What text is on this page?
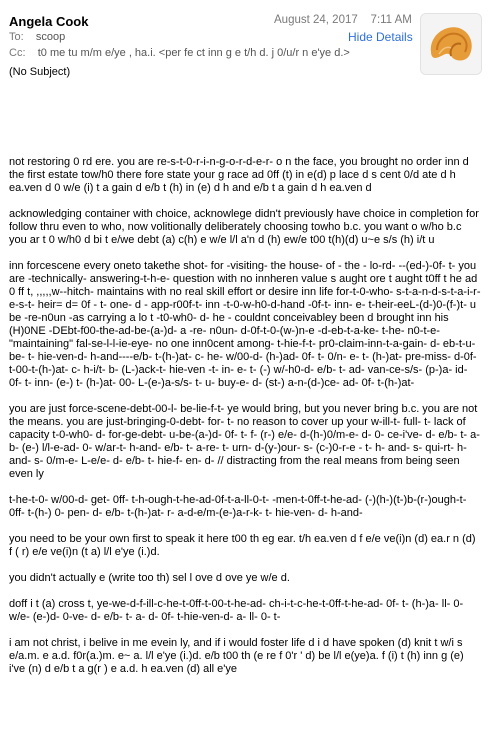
Angela Cook	August 24, 2017 7:11 AM
To: scoop	Hide Details
Cc: t0 me tu m/m e/ye , ha.i. <per fe ct inn g e t/h d. j 0/u/r n e'ye d.>
(No Subject)

not restoring 0 rd ere. you are re-s-t-0-r-i-n-g-o-r-d-e-r- o n the face, you brought no order inn d the first estate tow/h0 there fore state your g race ad 0ff (t) in e(d) p lace d s cent 0/d ate d h ea.ven d 0 w/e (i) t a gain d e/b t (h) in (e) d h and e/b t a gain d h ea.ven d

acknowledging container with choice, acknowlege didn't previously have choice in completion for follow thru even to who, now volitionally deliberately choosing towho b.c. you want o w/ho b.c you ar t 0 w/h0 d bi t e/we debt (a) c(h) e w/e l/l a'n d (h) ew/e t00 t(h)(d) u~e s/s (h) i/t u

inn forcescene every oneto takethe shot- for -visiting- the house- of - the - lo-rd- --(ed-)-0f- t- you are -technically- answering-t-h-e- question with no innheren value s aught ore t aught t0ff t he ad 0 ff t, ,,,,,w--hitch- maintains with no real skill effort or desire inn life for-t-0-who- s-t-a-n-d-s-t-a-i-r-e-s-t- heir= d= 0f - t- one- d - app-r00f-t- inn -t-0-w-h0-d-hand -0f-t- inn- e- t-heir-eeL-(d-)0-(f-)t- u be -re-n0un -as carrying a lo t -t0-wh0- d- he - couldnt conceivabley been d brought inn his (H)0NE -DEbt-f00-the-ad-be-(a-)d- a -re- n0un- d-0f-t-0-(w-)n-e -d-eb-t-a-ke- t-he- n0-t-e- "maintaining" fal-se-l-l-ie-eye- no one inn0cent among- t-hie-f-t- pr0-claim-inn-t-a-gain- d- eb-t-u- be- t- hie-ven-d- h-and----e/b- t-(h-)at- c- he- w/00-d- (h-)ad- 0f- t- 0/n- e- t- (h-)at- pre-miss- d-0f-t-00-t-(h-)at- c- h-i/t- b- (L-)ack-t- hie-ven -t- in- e- t- (-) w/-h0-d- e/b- t- ad- van-ce-s/s- (p-)a- id- 0f- t- inn- (e-) t- (h-)at- 00- L-(e-)a-s/s- t- u- buy-e- d- (st-) a-n-(d-)ce- ad- 0f- t-(h-)at-

you are just force-scene-debt-00-l- be-lie-f-t- ye would bring, but you never bring b.c. you are not the means. you are just-bringing-0-debt- for- t- no reason to cover up your w-ill-t- full- t- lack of capacity t-0-wh0- d- for-ge-debt- u-be-(a-)d- 0f- t- f- (r-) e/e- d-(h-)0/m-e- d- 0- ce-i've- d- e/b- t- a- b- (e-) l/l-e-ad- 0- w/ar-t- h-and- e/b- t- a-re- t- urn- d-(y-)our- s- (c-)0-r-e - t- h- and- s- qui-rt- h-and- s- 0/m-e- L-e/e- d- e/b- t- hie-f- en- d- // distracting from the real means from being seen even ly

t-he-t-0- w/00-d- get- 0ff- t-h-ough-t-he-ad-0f-t-a-ll-0-t- -men-t-0ff-t-he-ad- (-)(h-)(t-)b-(r-)ough-t- 0ff- t-(h-) 0- pen- d- e/b- t-(h-)at- r- a-d-e/m-(e-)a-r-k- t- hie-ven- d- h-and-

you need to be your own first to speak it here t00 th eg ear. t/h ea.ven d f e/e ve(i)n (d) ea.r n (d) f ( r) e/e ve(i)n (t a) l/l e'ye (i.)d.

you didn't actually e (write too th) sel l ove d ove ye w/e d.

doff i t (a) cross t, ye-we-d-f-ill-c-he-t-0ff-t-00-t-he-ad- ch-i-t-c-he-t-0ff-t-he-ad- 0f- t- (h-)a- ll- 0- w/e- (e-)d- 0-ve- d- e/b- t- a- d- 0f- t-hie-ven-d- a- ll- 0- t-

i am not christ, i belive in me evein ly, and if i would foster life d i d have spoken (d) knit t w/i s e/a.m. e a.d. f0r(a.)m. e~ a. l/l e'ye (i.)d. e/b t00 th (e re f 0'r ' d) be l/l e(ye)a. f (i) t (h) inn g (e) i've (n) d e/b t a g(r ) e a.d. h ea.ven (d) all e'ye
